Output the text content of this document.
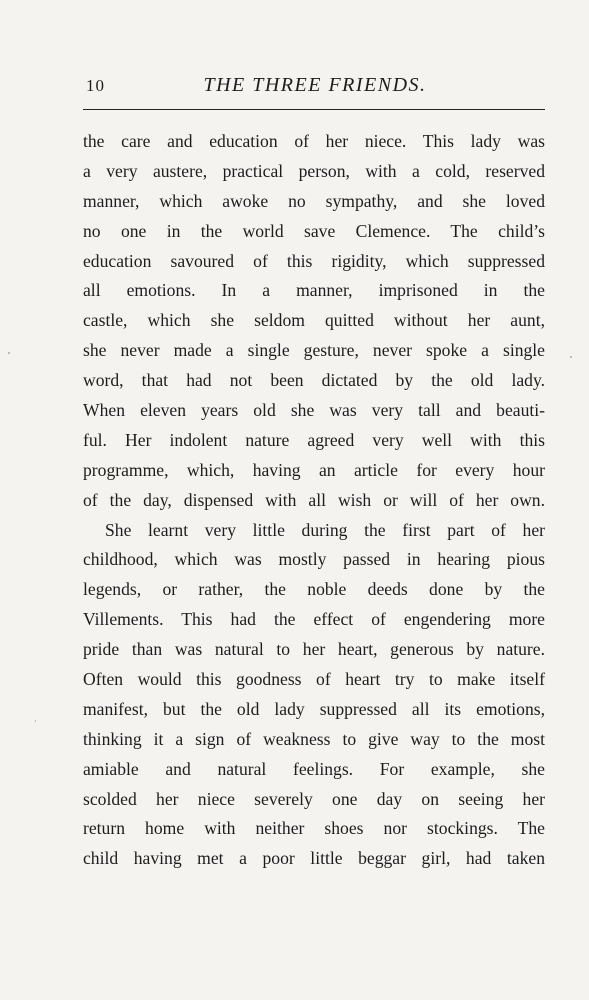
10	THE THREE FRIENDS.
the care and education of her niece. This lady was
a very austere, practical person, with a cold, reserved
manner, which awoke no sympathy, and she loved
no one in the world save Clemence. The child’s
education savoured of this rigidity, which suppressed
all emotions. In a manner, imprisoned in the
castle, which she seldom quitted without her aunt,
she never made a single gesture, never spoke a single
word, that had not been dictated by the old lady.
When eleven years old she was very tall and beauti-
ful. Her indolent nature agreed very well with this
programme, which, having an article for every hour
of the day, dispensed with all wish or will of her own.
She learnt very little during the first part of her
childhood, which was mostly passed in hearing pious
legends, or rather, the noble deeds done by the
Villements. This had the effect of engendering more
pride than was natural to her heart, generous by nature.
Often would this goodness of heart try to make itself
manifest, but the old lady suppressed all its emotions,
thinking it a sign of weakness to give way to the most
amiable and natural feelings. For example, she
scolded her niece severely one day on seeing her
return home with neither shoes nor stockings. The
child having met a poor little beggar girl, had taken
